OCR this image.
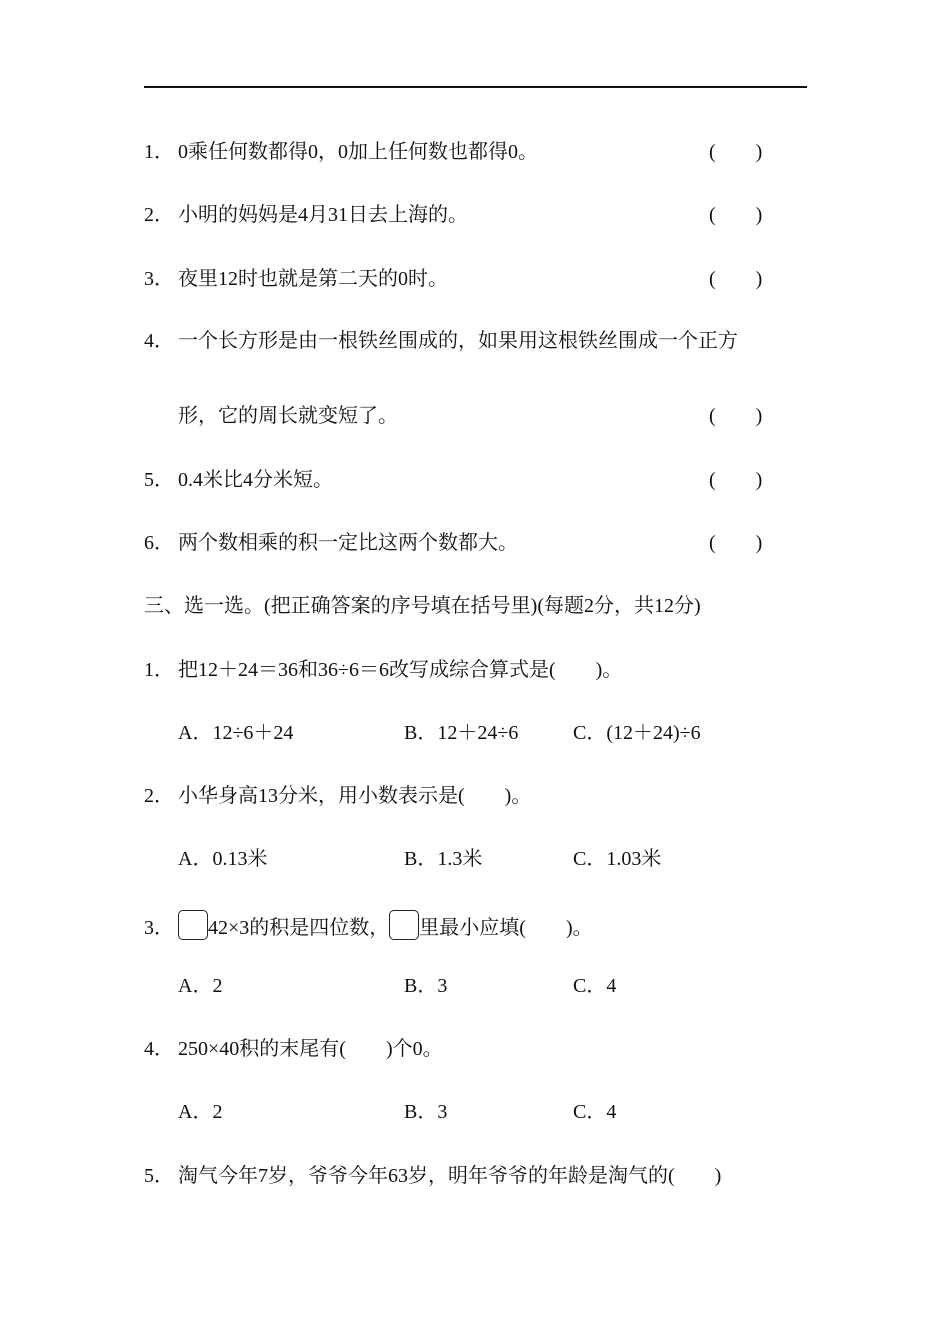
1． 0乘任何数都得0，0加上任何数也都得0。	(　　)
2． 小明的妈妈是4月31日去上海的。	(　　)
3． 夜里12时也就是第二天的0时。	(　　)
4． 一个长方形是由一根铁丝围成的，如果用这根铁丝围成一个正方
形，它的周长就变短了。	(　　)
5． 0.4米比4分米短。	(　　)
6． 两个数相乘的积一定比这两个数都大。	(　　)
三、选一选。(把正确答案的序号填在括号里)(每题2分，共12分)
1． 把12＋24＝36和36÷6＝6改写成综合算式是(　　)。
A．12÷6＋24	B．12＋24÷6	C．(12＋24)÷6
2． 小华身高13分米，用小数表示是(　　)。
A．0.13米	B．1.3米	C．1.03米
3． 42×3的积是四位数， 里最小应填(　　)。
A．2	B．3	C．4
4． 250×40积的末尾有(　　)个0。
A．2	B．3	C．4
5． 淘气今年7岁，爷爷今年63岁，明年爷爷的年龄是淘气的(　　)
